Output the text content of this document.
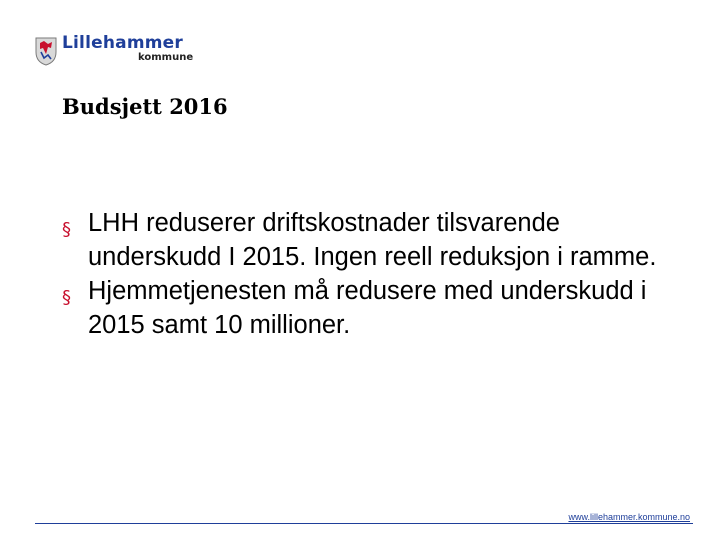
Lillehammer
kommune
Budsjett 2016
§ LHH reduserer driftskostnader tilsvarende underskudd I 2015. Ingen reell reduksjon i ramme.
§ Hjemmetjenesten må redusere med underskudd i 2015 samt 10 millioner.
www.lillehammer.kommune.no
